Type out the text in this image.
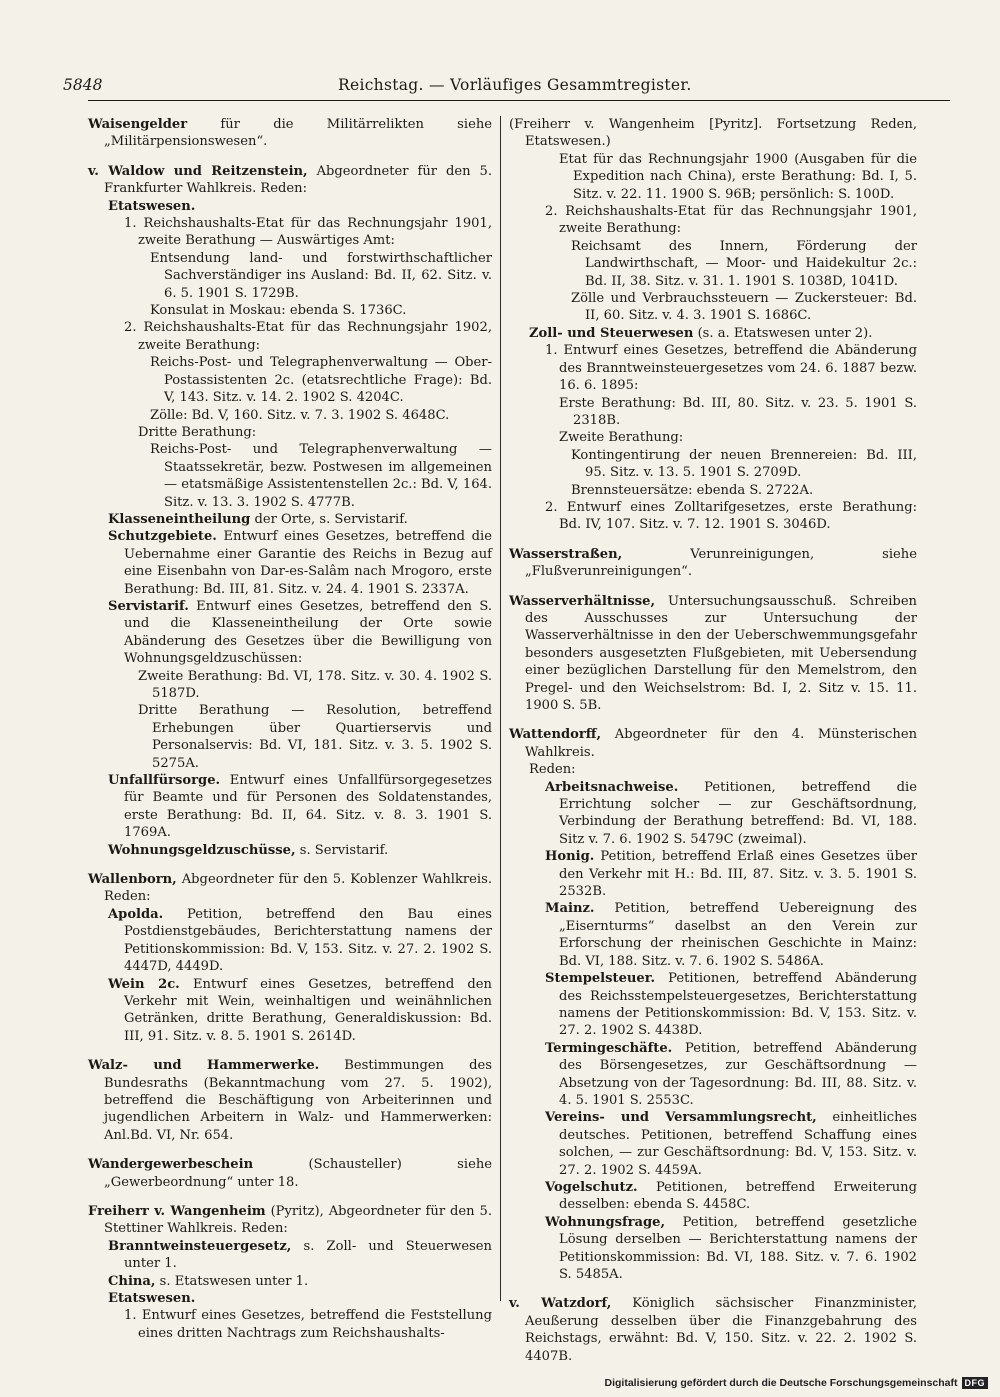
5848	Reichstag. — Vorläufiges Gesammtregister.

Waisengelder für die Militärrelikten siehe „Militärpensionswesen“.

v. Waldow und Reitzenstein, Abgeordneter für den 5. Frankfurter Wahlkreis. Reden:

Etatswesen.

1. Reichshaushalts-Etat für das Rechnungsjahr 1901, zweite Berathung — Auswärtiges Amt:

Entsendung land- und forstwirthschaftlicher Sachverständiger ins Ausland: Bd. II, 62. Sitz. v. 6. 5. 1901 S. 1729B.

Konsulat in Moskau: ebenda S. 1736C.

2. Reichshaushalts-Etat für das Rechnungsjahr 1902, zweite Berathung:

Reichs-Post- und Telegraphenverwaltung — Ober-Postassistenten 2c. (etatsrechtliche Frage): Bd. V, 143. Sitz. v. 14. 2. 1902 S. 4204C.

Zölle: Bd. V, 160. Sitz. v. 7. 3. 1902 S. 4648C.

Dritte Berathung:

Reichs-Post- und Telegraphenverwaltung — Staatssekretär, bezw. Postwesen im allgemeinen — etatsmäßige Assistentenstellen 2c.: Bd. V, 164. Sitz. v. 13. 3. 1902 S. 4777B.

Klasseneintheilung der Orte, s. Servistarif.

Schutzgebiete. Entwurf eines Gesetzes, betreffend die Uebernahme einer Garantie des Reichs in Bezug auf eine Eisenbahn von Dar-es-Salâm nach Mrogoro, erste Berathung: Bd. III, 81. Sitz. v. 24. 4. 1901 S. 2337A.

Servistarif. Entwurf eines Gesetzes, betreffend den S. und die Klasseneintheilung der Orte sowie Abänderung des Gesetzes über die Bewilligung von Wohnungsgeldzuschüssen:

Zweite Berathung: Bd. VI, 178. Sitz. v. 30. 4. 1902 S. 5187D.

Dritte Berathung — Resolution, betreffend Erhebungen über Quartierservis und Personalservis: Bd. VI, 181. Sitz. v. 3. 5. 1902 S. 5275A.

Unfallfürsorge. Entwurf eines Unfallfürsorgegesetzes für Beamte und für Personen des Soldatenstandes, erste Berathung: Bd. II, 64. Sitz. v. 8. 3. 1901 S. 1769A.

Wohnungsgeldzuschüsse, s. Servistarif.

Wallenborn, Abgeordneter für den 5. Koblenzer Wahlkreis. Reden:

Apolda. Petition, betreffend den Bau eines Postdienstgebäudes, Berichterstattung namens der Petitionskommission: Bd. V, 153. Sitz. v. 27. 2. 1902 S. 4447D, 4449D.

Wein 2c. Entwurf eines Gesetzes, betreffend den Verkehr mit Wein, weinhaltigen und weinähnlichen Getränken, dritte Berathung, Generaldiskussion: Bd. III, 91. Sitz. v. 8. 5. 1901 S. 2614D.

Walz- und Hammerwerke. Bestimmungen des Bundesraths (Bekanntmachung vom 27. 5. 1902), betreffend die Beschäftigung von Arbeiterinnen und jugendlichen Arbeitern in Walz- und Hammerwerken: Anl.Bd. VI, Nr. 654.

Wandergewerbeschein (Schausteller) siehe „Gewerbeordnung“ unter 18.

Freiherr v. Wangenheim (Pyritz), Abgeordneter für den 5. Stettiner Wahlkreis. Reden:

Branntweinsteuergesetz, s. Zoll- und Steuerwesen unter 1.

China, s. Etatswesen unter 1.

Etatswesen.

1. Entwurf eines Gesetzes, betreffend die Feststellung eines dritten Nachtrags zum Reichshaushalts-

(Freiherr v. Wangenheim [Pyritz]. Fortsetzung Reden, Etatswesen.)

Etat für das Rechnungsjahr 1900 (Ausgaben für die Expedition nach China), erste Berathung: Bd. I, 5. Sitz. v. 22. 11. 1900 S. 96B; persönlich: S. 100D.

2. Reichshaushalts-Etat für das Rechnungsjahr 1901, zweite Berathung:

Reichsamt des Innern, Förderung der Landwirthschaft, — Moor- und Haidekultur 2c.: Bd. II, 38. Sitz. v. 31. 1. 1901 S. 1038D, 1041D.

Zölle und Verbrauchssteuern — Zuckersteuer: Bd. II, 60. Sitz. v. 4. 3. 1901 S. 1686C.

Zoll- und Steuerwesen (s. a. Etatswesen unter 2).

1. Entwurf eines Gesetzes, betreffend die Abänderung des Branntweinsteuergesetzes vom 24. 6. 1887 bezw. 16. 6. 1895:

Erste Berathung: Bd. III, 80. Sitz. v. 23. 5. 1901 S. 2318B.

Zweite Berathung:

Kontingentirung der neuen Brennereien: Bd. III, 95. Sitz. v. 13. 5. 1901 S. 2709D.

Brennsteuersätze: ebenda S. 2722A.

2. Entwurf eines Zolltarifgesetzes, erste Berathung: Bd. IV, 107. Sitz. v. 7. 12. 1901 S. 3046D.

Wasserstraßen, Verunreinigungen, siehe „Flußverunreinigungen“.

Wasserverhältnisse, Untersuchungsausschuß. Schreiben des Ausschusses zur Untersuchung der Wasserverhältnisse in den der Ueberschwemmungsgefahr besonders ausgesetzten Flußgebieten, mit Uebersendung einer bezüglichen Darstellung für den Memelstrom, den Pregel- und den Weichselstrom: Bd. I, 2. Sitz v. 15. 11. 1900 S. 5B.

Wattendorff, Abgeordneter für den 4. Münsterischen Wahlkreis.

Reden:

Arbeitsnachweise. Petitionen, betreffend die Errichtung solcher — zur Geschäftsordnung, Verbindung der Berathung betreffend: Bd. VI, 188. Sitz v. 7. 6. 1902 S. 5479C (zweimal).

Honig. Petition, betreffend Erlaß eines Gesetzes über den Verkehr mit H.: Bd. III, 87. Sitz. v. 3. 5. 1901 S. 2532B.

Mainz. Petition, betreffend Uebereignung des „Eisernturms“ daselbst an den Verein zur Erforschung der rheinischen Geschichte in Mainz: Bd. VI, 188. Sitz. v. 7. 6. 1902 S. 5486A.

Stempelsteuer. Petitionen, betreffend Abänderung des Reichsstempelsteuergesetzes, Berichterstattung namens der Petitionskommission: Bd. V, 153. Sitz. v. 27. 2. 1902 S. 4438D.

Termingeschäfte. Petition, betreffend Abänderung des Börsengesetzes, zur Geschäftsordnung — Absetzung von der Tagesordnung: Bd. III, 88. Sitz. v. 4. 5. 1901 S. 2553C.

Vereins- und Versammlungsrecht, einheitliches deutsches. Petitionen, betreffend Schaffung eines solchen, — zur Geschäftsordnung: Bd. V, 153. Sitz. v. 27. 2. 1902 S. 4459A.

Vogelschutz. Petitionen, betreffend Erweiterung desselben: ebenda S. 4458C.

Wohnungsfrage, Petition, betreffend gesetzliche Lösung derselben — Berichterstattung namens der Petitionskommission: Bd. VI, 188. Sitz. v. 7. 6. 1902 S. 5485A.

v. Watzdorf, Königlich sächsischer Finanzminister, Aeußerung desselben über die Finanzgebahrung des Reichstags, erwähnt: Bd. V, 150. Sitz. v. 22. 2. 1902 S. 4407B.

Digitalisierung gefördert durch die Deutsche Forschungsgemeinschaft DFG
